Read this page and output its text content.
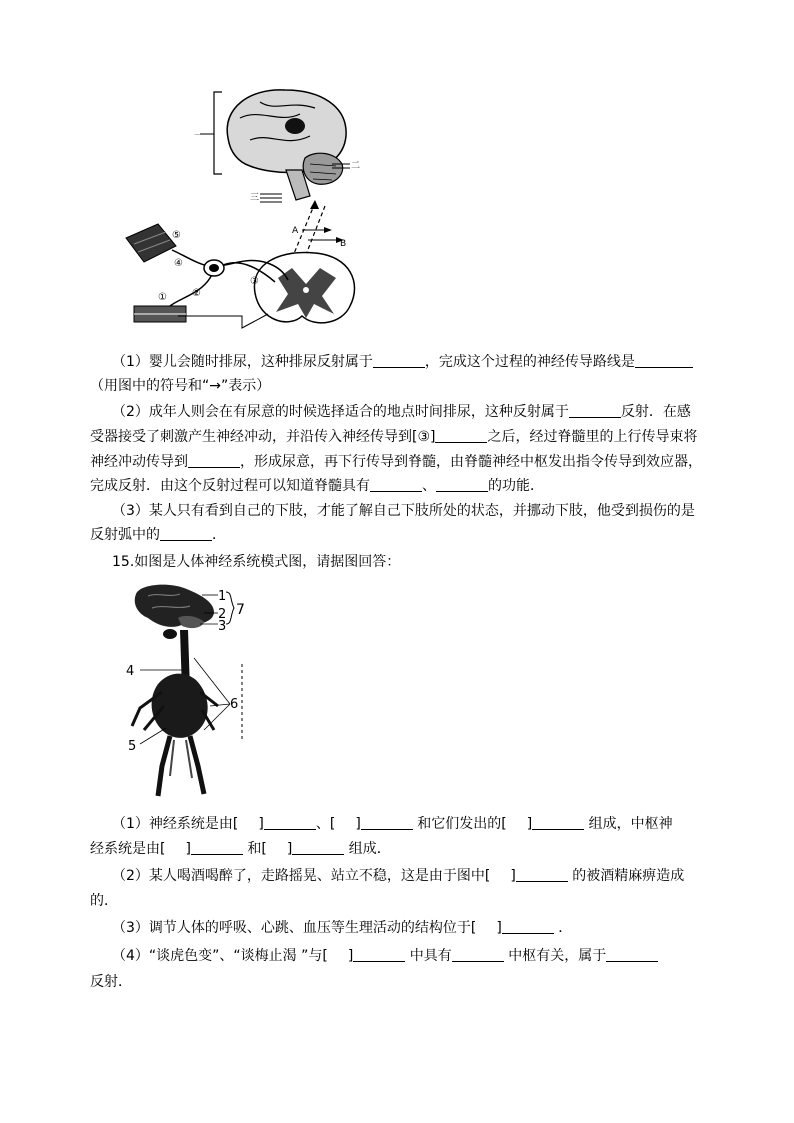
A
B
一
二
三
⑤
④
①	②
③
（1）婴儿会随时排尿，这种排尿反射属于	，完成这个过程的神经传导路线是
（用图中的符号和“→”表示）
（2）成年人则会在有尿意的时候选择适合的地点时间排尿，这种反射属于	反射．在感
受器接受了刺激产生神经冲动，并沿传入神经传导到[③]	之后，经过脊髓里的上行传导束将
神经冲动传导到	，形成尿意，再下行传导到脊髓，由脊髓神经中枢发出指令传导到效应器，
完成反射．由这个反射过程可以知道脊髓具有	、	的功能．
（3）某人只有看到自己的下肢，才能了解自己下肢所处的状态，并挪动下肢，他受到损伤的是
反射弧中的	．
15.如图是人体神经系统模式图，请据图回答：
1
2
3
7
4
6
5
（1）神经系统是由[ ]	、[ ]	和它们发出的[ ]	组成，中枢神
经系统是由[ ]	和[ ]	组成．
（2）某人喝酒喝醉了，走路摇晃、站立不稳，这是由于图中[ ]	的被酒精麻痹造成
的．
（3）调节人体的呼吸、心跳、血压等生理活动的结构位于[ ]	．
（4）“谈虎色变”、“谈梅止渴 ”与[ ]	中具有	中枢有关，属于
反射．
